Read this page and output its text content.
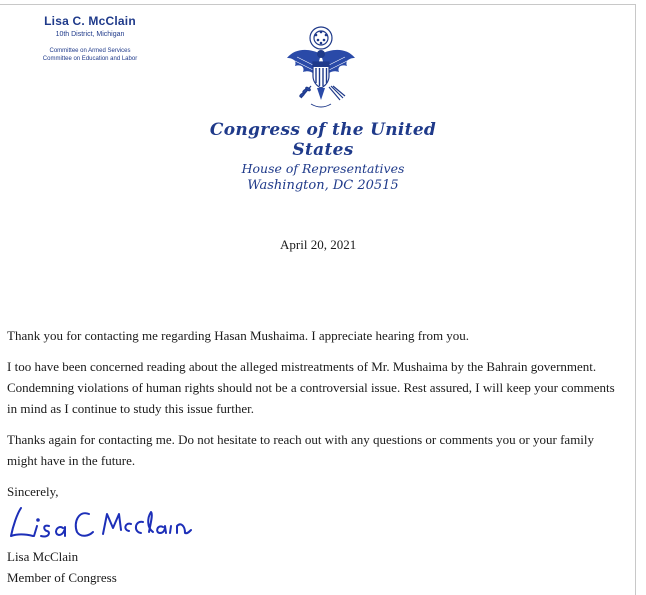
Lisa C. McClain
10th District, Michigan
Committee on Armed Services
Committee on Education and Labor
Congress of the United States
House of Representatives
Washington, DC 20515
April 20, 2021

Thank you for contacting me regarding Hasan Mushaima. I appreciate hearing from you.

I too have been concerned reading about the alleged mistreatments of Mr. Mushaima by the Bahrain government. Condemning violations of human rights should not be a controversial issue. Rest assured, I will keep your comments in mind as I continue to study this issue further.

Thanks again for contacting me. Do not hesitate to reach out with any questions or comments you or your family might have in the future.

Sincerely,
Lisa McClain
Member of Congress
